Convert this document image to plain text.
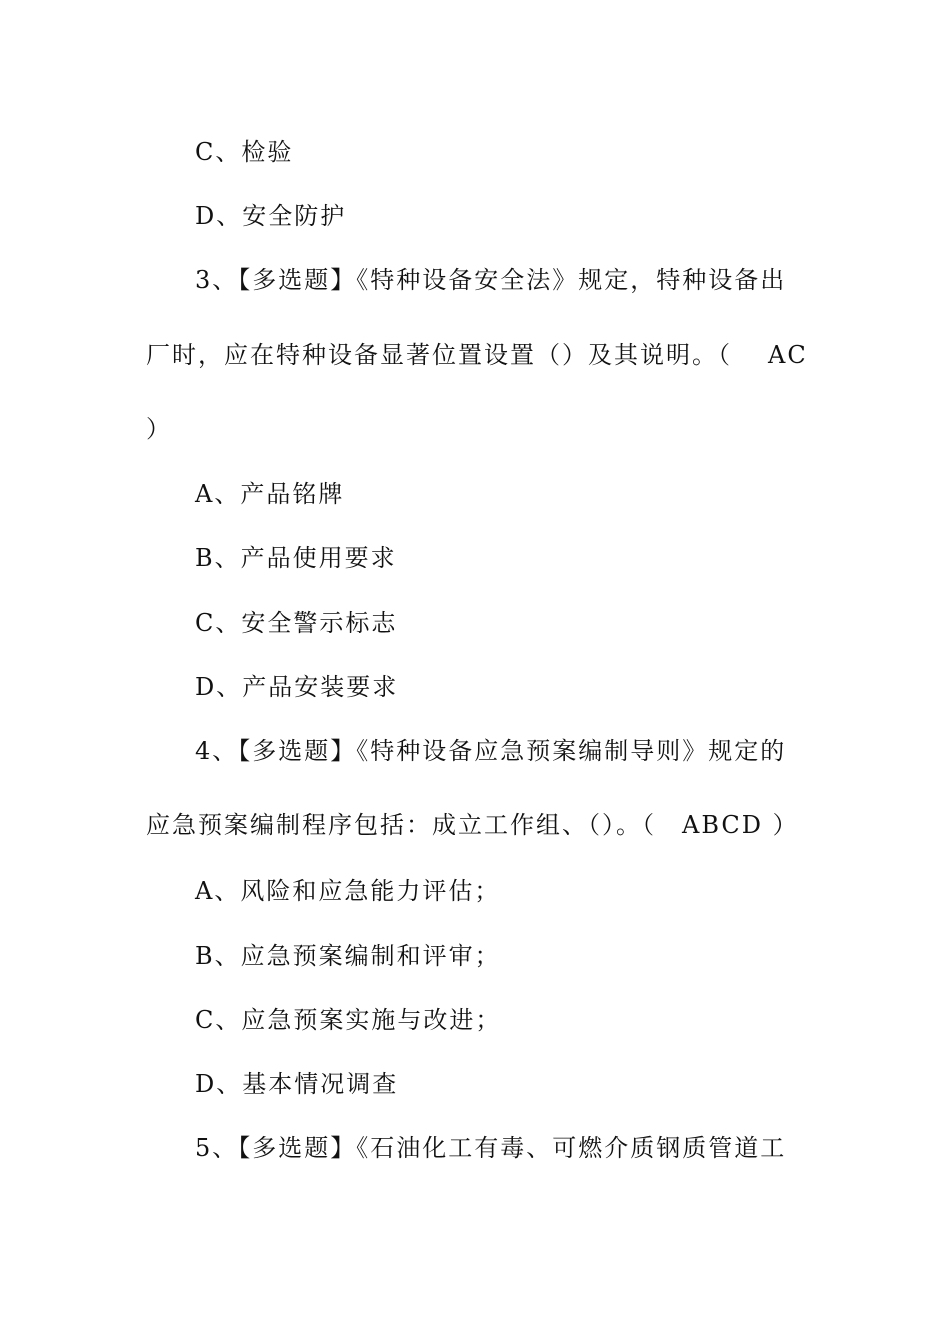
C、检验
D、安全防护
3、【多选题】《特种设备安全法》规定，特种设备出
厂时，应在特种设备显著位置设置（）及其说明。（ AC
）
A、产品铭牌
B、产品使用要求
C、安全警示标志
D、产品安装要求
4、【多选题】《特种设备应急预案编制导则》规定的
应急预案编制程序包括：成立工作组、（）。（　ABCD ）
A、风险和应急能力评估；
B、应急预案编制和评审；
C、应急预案实施与改进；
D、基本情况调查
5、【多选题】《石油化工有毒、可燃介质钢质管道工
